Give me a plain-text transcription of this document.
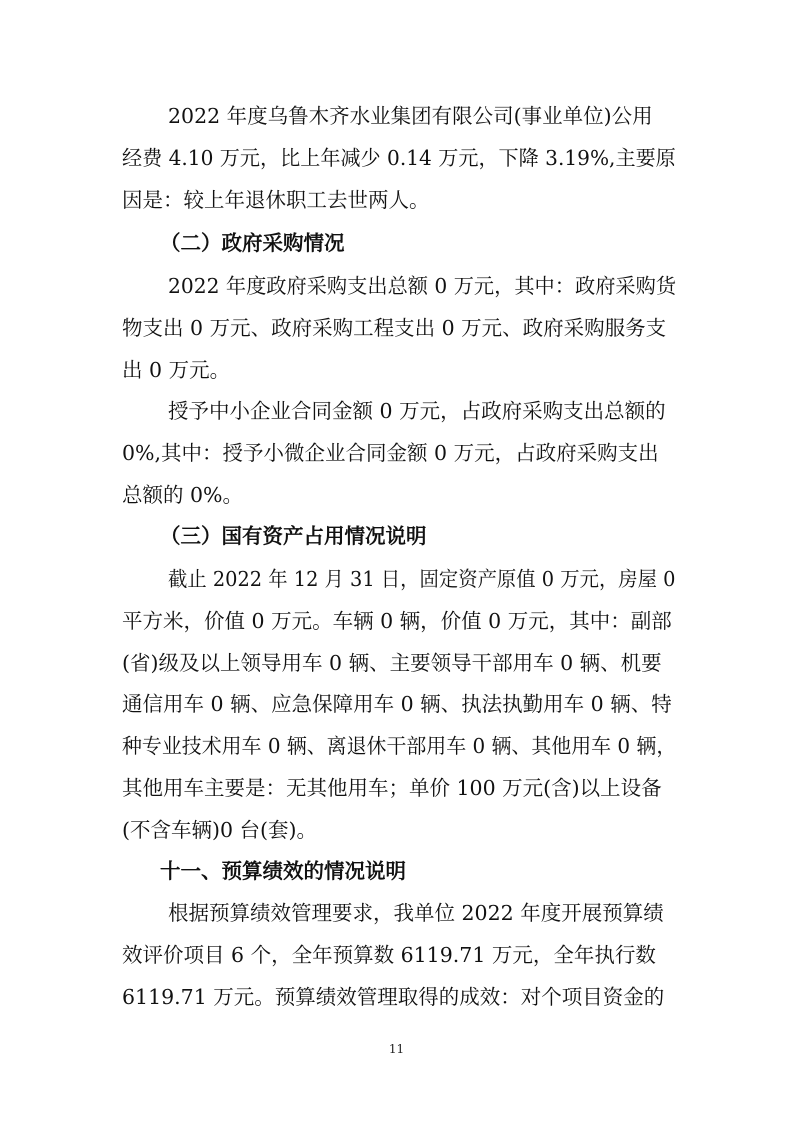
2022 年度乌鲁木齐水业集团有限公司(事业单位)公用
经费 4.10 万元，比上年减少 0.14 万元，下降 3.19%,主要原
因是：较上年退休职工去世两人。
（二）政府采购情况
2022 年度政府采购支出总额 0 万元，其中：政府采购货
物支出 0 万元、政府采购工程支出 0 万元、政府采购服务支
出 0 万元。
授予中小企业合同金额 0 万元，占政府采购支出总额的
0%,其中：授予小微企业合同金额 0 万元，占政府采购支出
总额的 0%。
（三）国有资产占用情况说明
截止 2022 年 12 月 31 日，固定资产原值 0 万元，房屋 0
平方米，价值 0 万元。车辆 0 辆，价值 0 万元，其中：副部
(省)级及以上领导用车 0 辆、主要领导干部用车 0 辆、机要
通信用车 0 辆、应急保障用车 0 辆、执法执勤用车 0 辆、特
种专业技术用车 0 辆、离退休干部用车 0 辆、其他用车 0 辆，
其他用车主要是：无其他用车；单价 100 万元(含)以上设备
(不含车辆)0 台(套)。
十一、预算绩效的情况说明
根据预算绩效管理要求，我单位 2022 年度开展预算绩
效评价项目 6 个，全年预算数 6119.71 万元，全年执行数
6119.71 万元。预算绩效管理取得的成效：对个项目资金的
11
